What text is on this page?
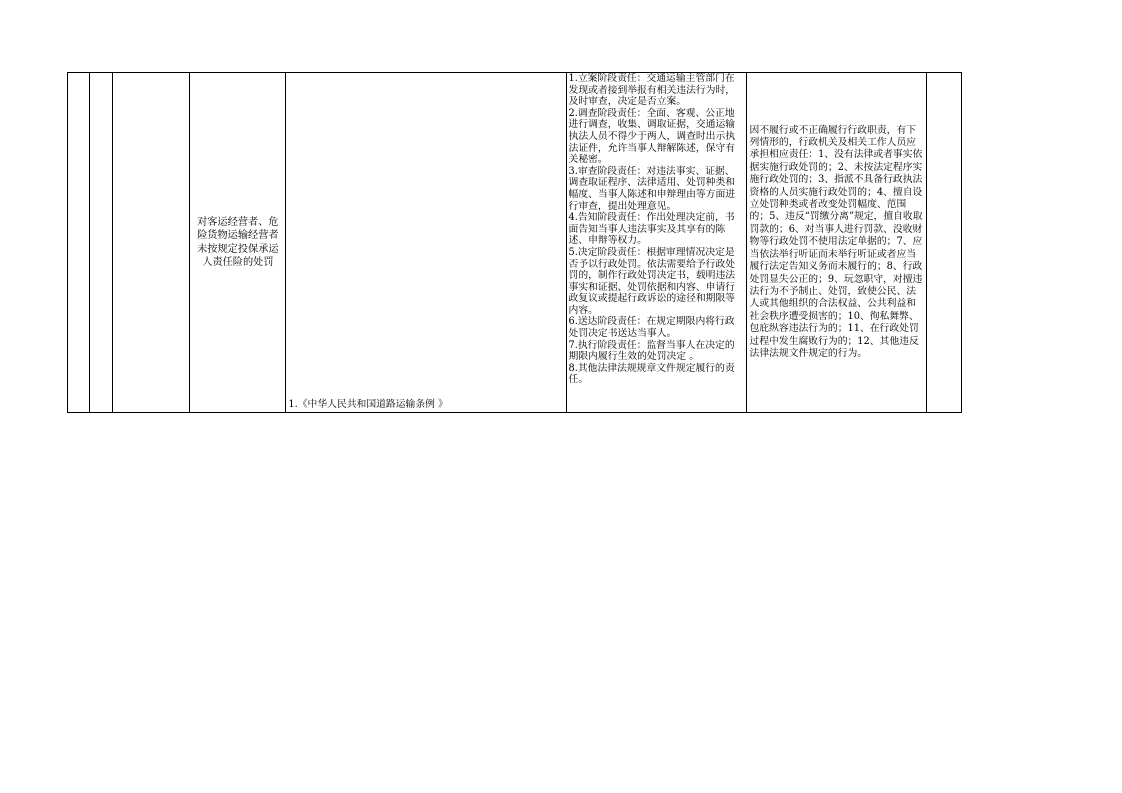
			对客运经营者、危险货物运输经营者未按规定投保承运人责任险的处罚	1.《中华人民共和国道路运输条例 》	
1.立案阶段责任：交通运输主管部门在发现或者接到举报有相关违法行为时，及时审查，决定是否立案。
2.调查阶段责任：全面、客观、公正地进行调查，收集、调取证据，交通运输执法人员不得少于两人，调查时出示执法证件，允许当事人辩解陈述，保守有关秘密。
3.审查阶段责任：对违法事实、证据、调查取证程序、法律适用、处罚种类和幅度、当事人陈述和申辩理由等方面进行审查，提出处理意见。
4.告知阶段责任：作出处理决定前，书面告知当事人违法事实及其享有的陈述、申辩等权力。
5.决定阶段责任：根据审理情况决定是否予以行政处罚。依法需要给予行政处罚的，制作行政处罚决定书，载明违法事实和证据、处罚依据和内容、申请行政复议或提起行政诉讼的途径和期限等内容。
6.送达阶段责任：在规定期限内将行政处罚决定书送达当事人。
7.执行阶段责任：监督当事人在决定的期限内履行生效的处罚决定 。
8.其他法律法规规章文件规定履行的责任。
	因不履行或不正确履行行政职责，有下列情形的，行政机关及相关工作人员应承担相应责任：1、没有法律或者事实依据实施行政处罚的；2、未按法定程序实施行政处罚的；3、指派不具备行政执法资格的人员实施行政处罚的；4、擅自设立处罚种类或者改变处罚幅度、范围的；5、违反“罚缴分离”规定，擅自收取罚款的；6、对当事人进行罚款、没收财物等行政处罚不使用法定单据的；7、应当依法举行听证而未举行听证或者应当履行法定告知义务而未履行的；8、行政处罚显失公正的；9、玩忽职守，对擅违法行为不予制止、处罚，致使公民、法人或其他组织的合法权益、公共利益和社会秩序遭受损害的；10、徇私舞弊、包庇纵容违法行为的；11、在行政处罚过程中发生腐败行为的；12、其他违反法律法规文件规定的行为。	
